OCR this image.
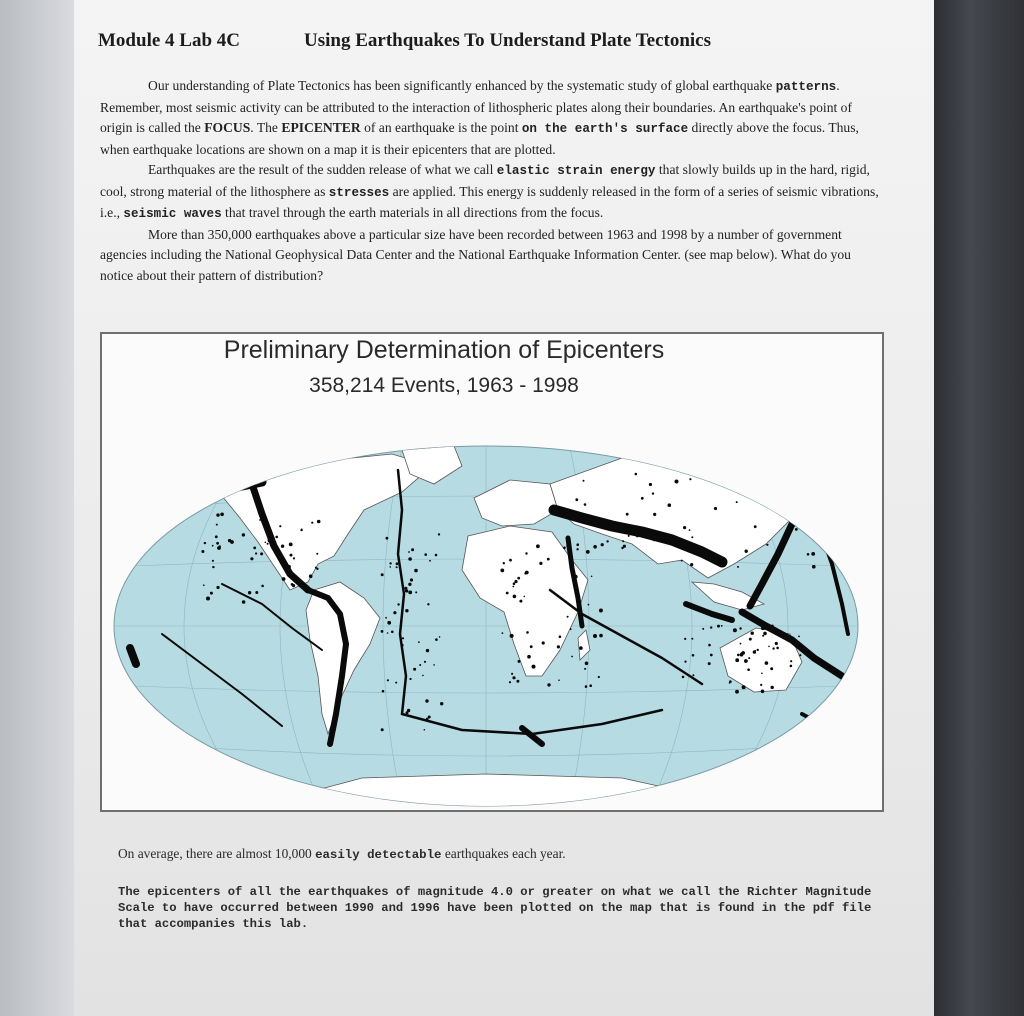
Module 4 Lab 4C	Using Earthquakes To Understand Plate Tectonics

Our understanding of Plate Tectonics has been significantly enhanced by the systematic study of global earthquake patterns. Remember, most seismic activity can be attributed to the interaction of lithospheric plates along their boundaries. An earthquake's point of origin is called the FOCUS. The EPICENTER of an earthquake is the point on the earth's surface directly above the focus. Thus, when earthquake locations are shown on a map it is their epicenters that are plotted.

Earthquakes are the result of the sudden release of what we call elastic strain energy that slowly builds up in the hard, rigid, cool, strong material of the lithosphere as stresses are applied. This energy is suddenly released in the form of a series of seismic vibrations, i.e., seismic waves that travel through the earth materials in all directions from the focus.

More than 350,000 earthquakes above a particular size have been recorded between 1963 and 1998 by a number of government agencies including the National Geophysical Data Center and the National Earthquake Information Center. (see map below). What do you notice about their pattern of distribution?

Preliminary Determination of Epicenters
358,214 Events, 1963 - 1998
On average, there are almost 10,000 easily detectable earthquakes each year.
The epicenters of all the earthquakes of magnitude 4.0 or greater on what we call the Richter Magnitude Scale to have occurred between 1990 and 1996 have been plotted on the map that is found in the pdf file that accompanies this lab.
